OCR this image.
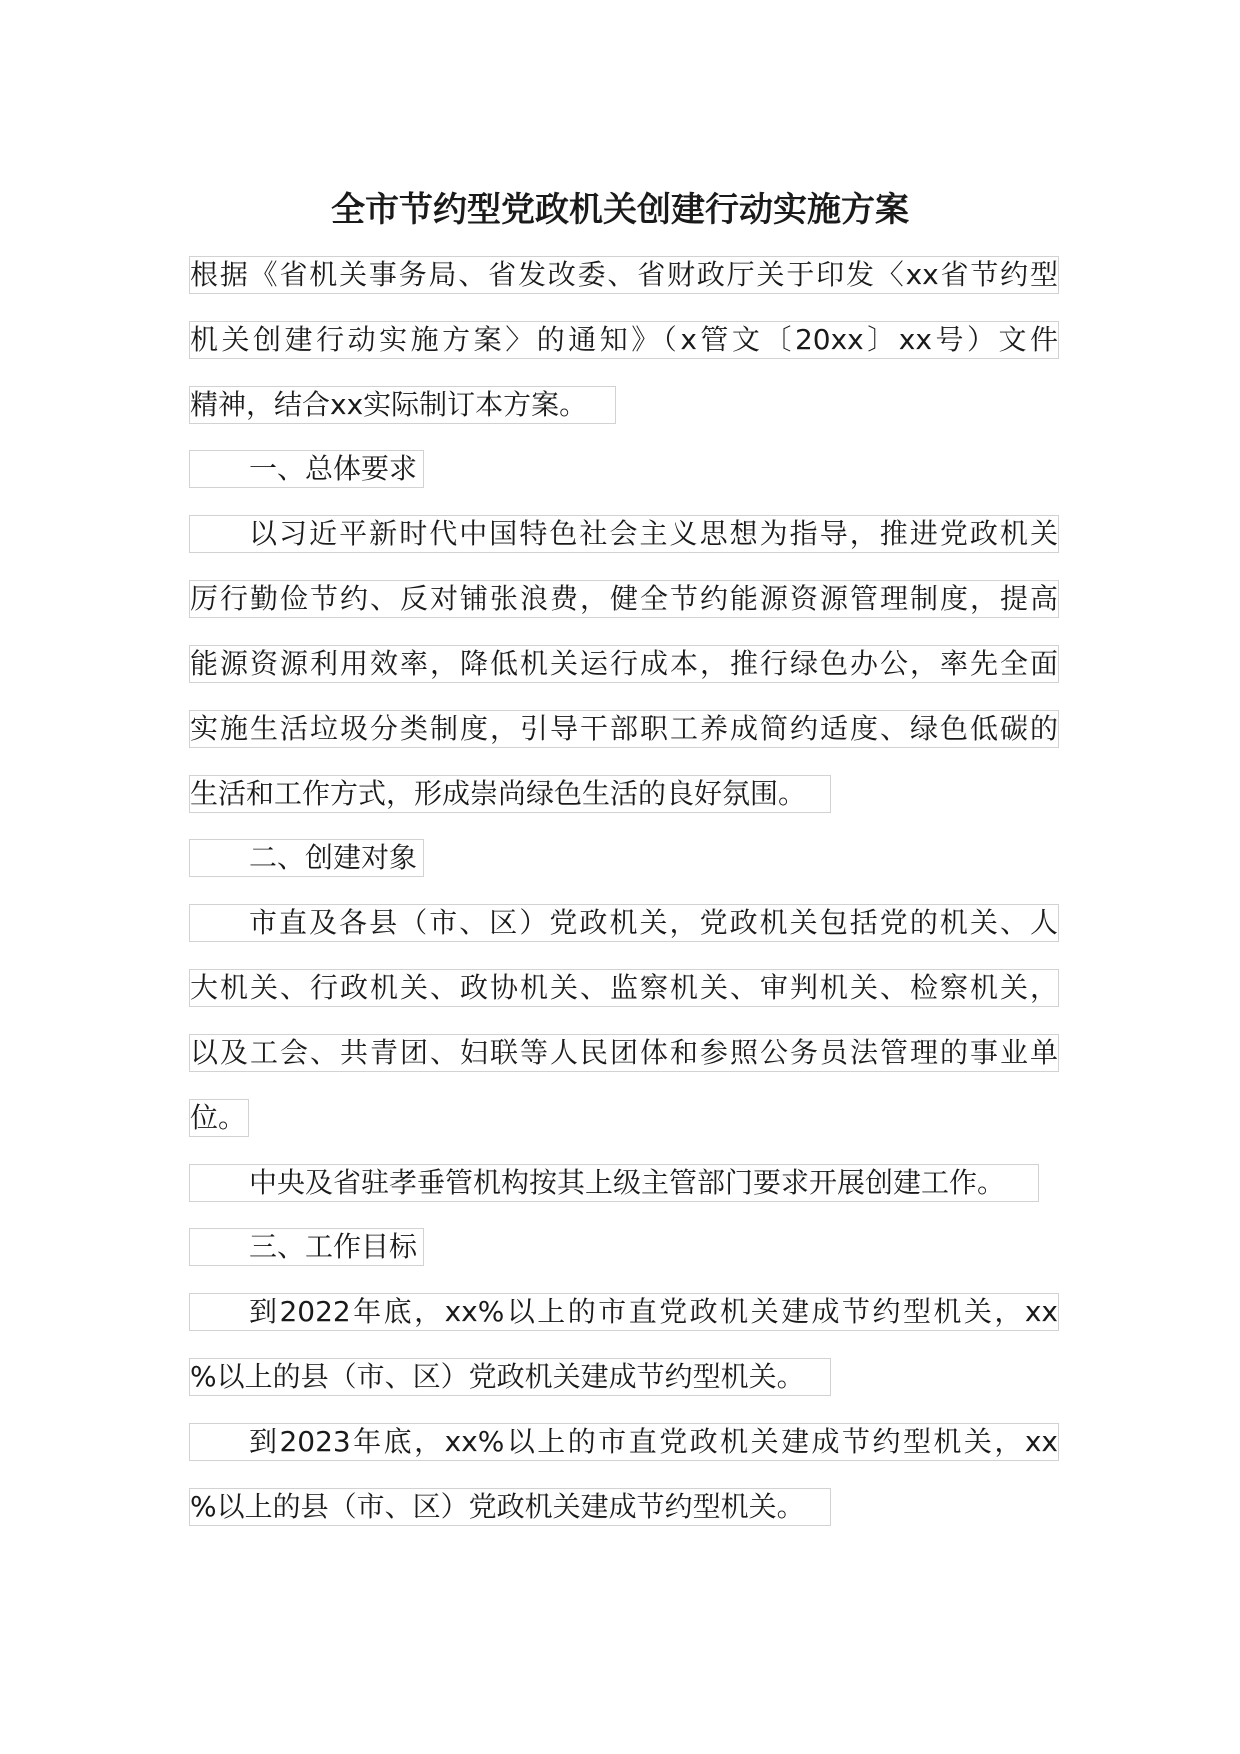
全市节约型党政机关创建行动实施方案
根据《省机关事务局、省发改委、省财政厅关于印发〈xx省节约型
机关创建行动实施方案〉的通知》（x管文〔20xx〕xx号）文件
精神，结合xx实际制订本方案。
一、总体要求
以习近平新时代中国特色社会主义思想为指导，推进党政机关
厉行勤俭节约、反对铺张浪费，健全节约能源资源管理制度，提高
能源资源利用效率，降低机关运行成本，推行绿色办公，率先全面
实施生活垃圾分类制度，引导干部职工养成简约适度、绿色低碳的
生活和工作方式，形成崇尚绿色生活的良好氛围。
二、创建对象
市直及各县（市、区）党政机关，党政机关包括党的机关、人
大机关、行政机关、政协机关、监察机关、审判机关、检察机关，
以及工会、共青团、妇联等人民团体和参照公务员法管理的事业单
位。
中央及省驻孝垂管机构按其上级主管部门要求开展创建工作。
三、工作目标
到2022年底，xx%以上的市直党政机关建成节约型机关，xx
%以上的县（市、区）党政机关建成节约型机关。
到2023年底，xx%以上的市直党政机关建成节约型机关，xx
%以上的县（市、区）党政机关建成节约型机关。
